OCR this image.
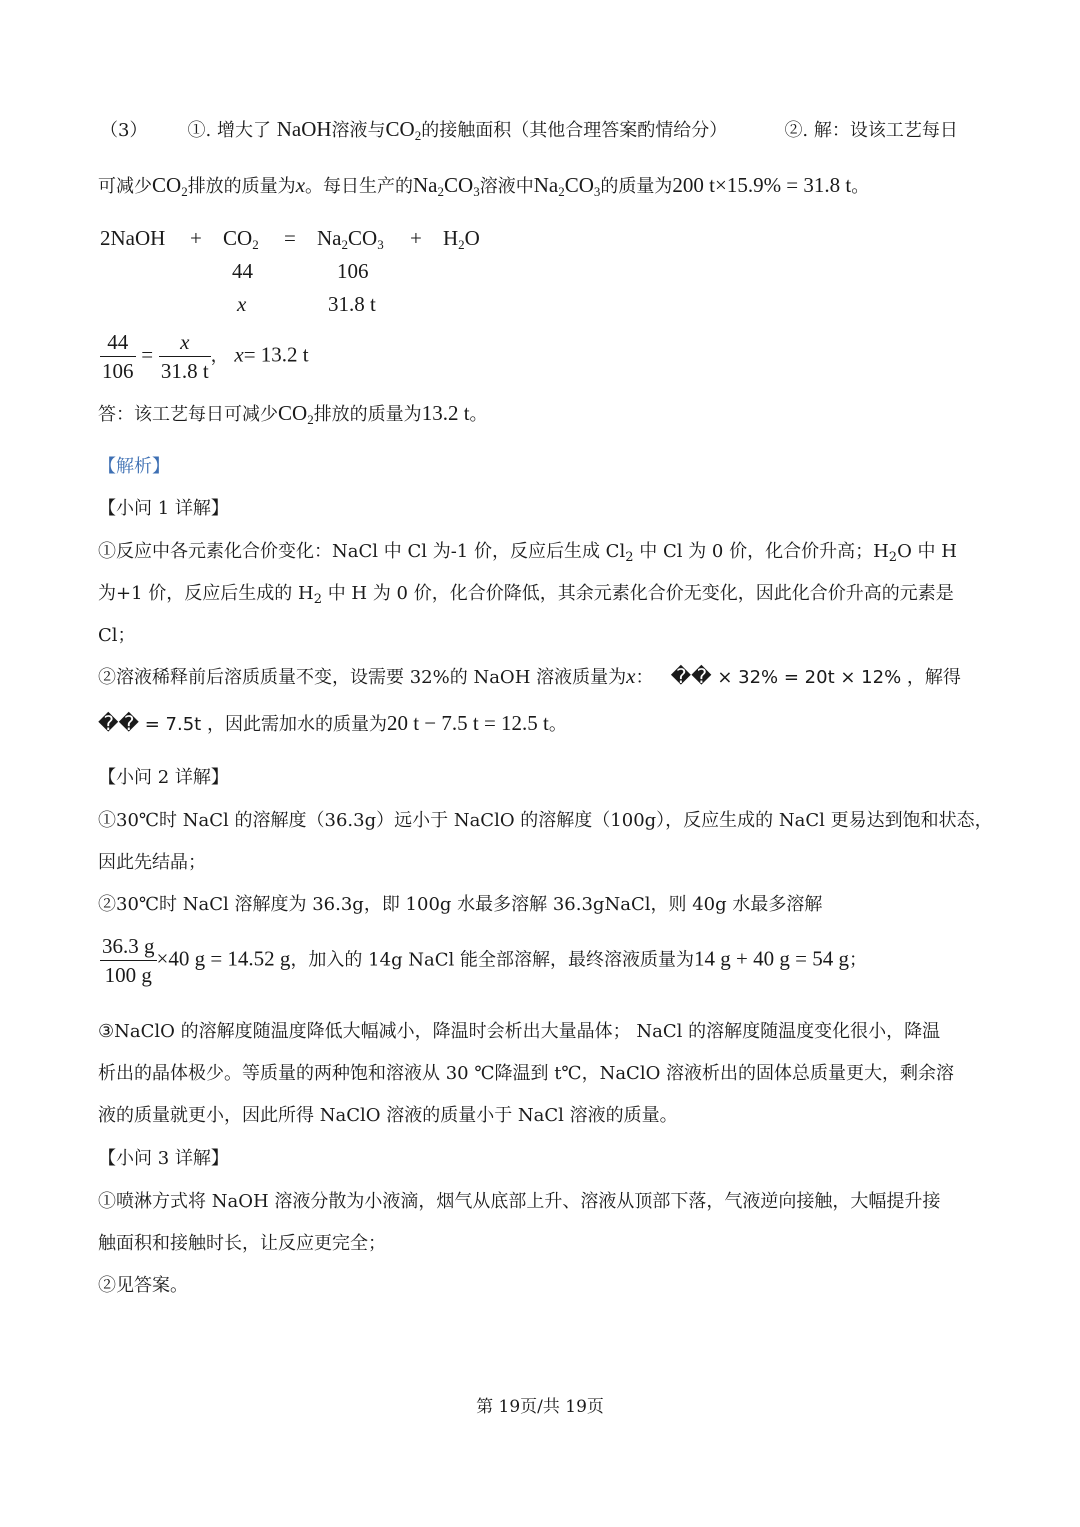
（3） ①. 增大了 NaOH溶液与$CO_2$的接触面积（其他合理答案酌情给分）	②. 解：设该工艺每日
可减少$CO_2$排放的质量为x。每日生产的$Na_2CO_3$溶液中$Na_2CO_3$的质量为200 t×15.9% = 31.8 t。
2NaOH + $CO_2 = Na_2CO_3 + H_2O$
44	106
x	31.8 t
$\frac{44}{106} = \frac{x}{31.8 t}$ ， x= 13.2 t
答：该工艺每日可减少$CO_2$排放的质量为13.2 t。
【解析】
【小问 1 详解】
①反应中各元素化合价变化：NaCl 中 Cl 为-1 价，反应后生成 $Cl_2$ 中 Cl 为 0 价，化合价升高；$H_2O$ 中 H
为+1 价，反应后生成的 $H_2$ 中 H 为 0 价，化合价降低，其余元素化合价无变化，因此化合价升高的元素是
Cl；
②溶液稀释前后溶质质量不变，设需要 32%的 NaOH 溶液质量为x： �� × 32% = 20t × 12% ，解得
�� = 7.5t ，因此需加水的质量为20 t − 7.5 t = 12.5 t。
【小问 2 详解】
①30℃时 NaCl 的溶解度（36.3g）远小于 NaClO 的溶解度（100g），反应生成的 NaCl 更易达到饱和状态，
因此先结晶；
②30℃时 NaCl 溶解度为 36.3g，即 100g 水最多溶解 36.3gNaCl，则 40g 水最多溶解
$\frac{36.3 g}{100 g} \times 40$ g = 14.52 g，加入的 14g NaCl 能全部溶解，最终溶液质量为14 g + 40 g = 54 g；
③NaClO 的溶解度随温度降低大幅减小，降温时会析出大量晶体； NaCl 的溶解度随温度变化很小，降温
析出的晶体极少。等质量的两种饱和溶液从 30 ℃降温到 t℃，NaClO 溶液析出的固体总质量更大，剩余溶
液的质量就更小，因此所得 NaClO 溶液的质量小于 NaCl 溶液的质量。
【小问 3 详解】
①喷淋方式将 NaOH 溶液分散为小液滴，烟气从底部上升、溶液从顶部下落，气液逆向接触，大幅提升接
触面积和接触时长，让反应更完全；
②见答案。
第 19页/共 19页
